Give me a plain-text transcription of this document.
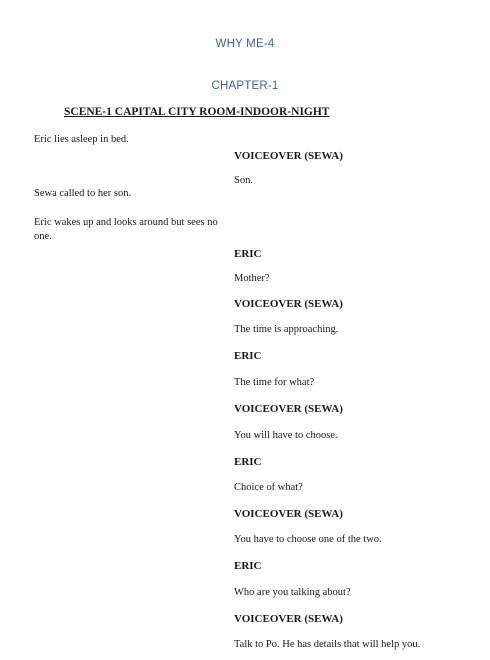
WHY ME-4
CHAPTER-1
SCENE-1 CAPITAL CITY ROOM-INDOOR-NIGHT
Eric lies asleep in bed.
VOICEOVER (SEWA)
Son.
Sewa called to her son.
Eric wakes up and looks around but sees no one.
ERIC
Mother?
VOICEOVER (SEWA)
The time is approaching.
ERIC
The time for what?
VOICEOVER (SEWA)
You will have to choose.
ERIC
Choice of what?
VOICEOVER (SEWA)
You have to choose one of the two.
ERIC
Who are you talking about?
VOICEOVER (SEWA)
Talk to Po. He has details that will help you.
